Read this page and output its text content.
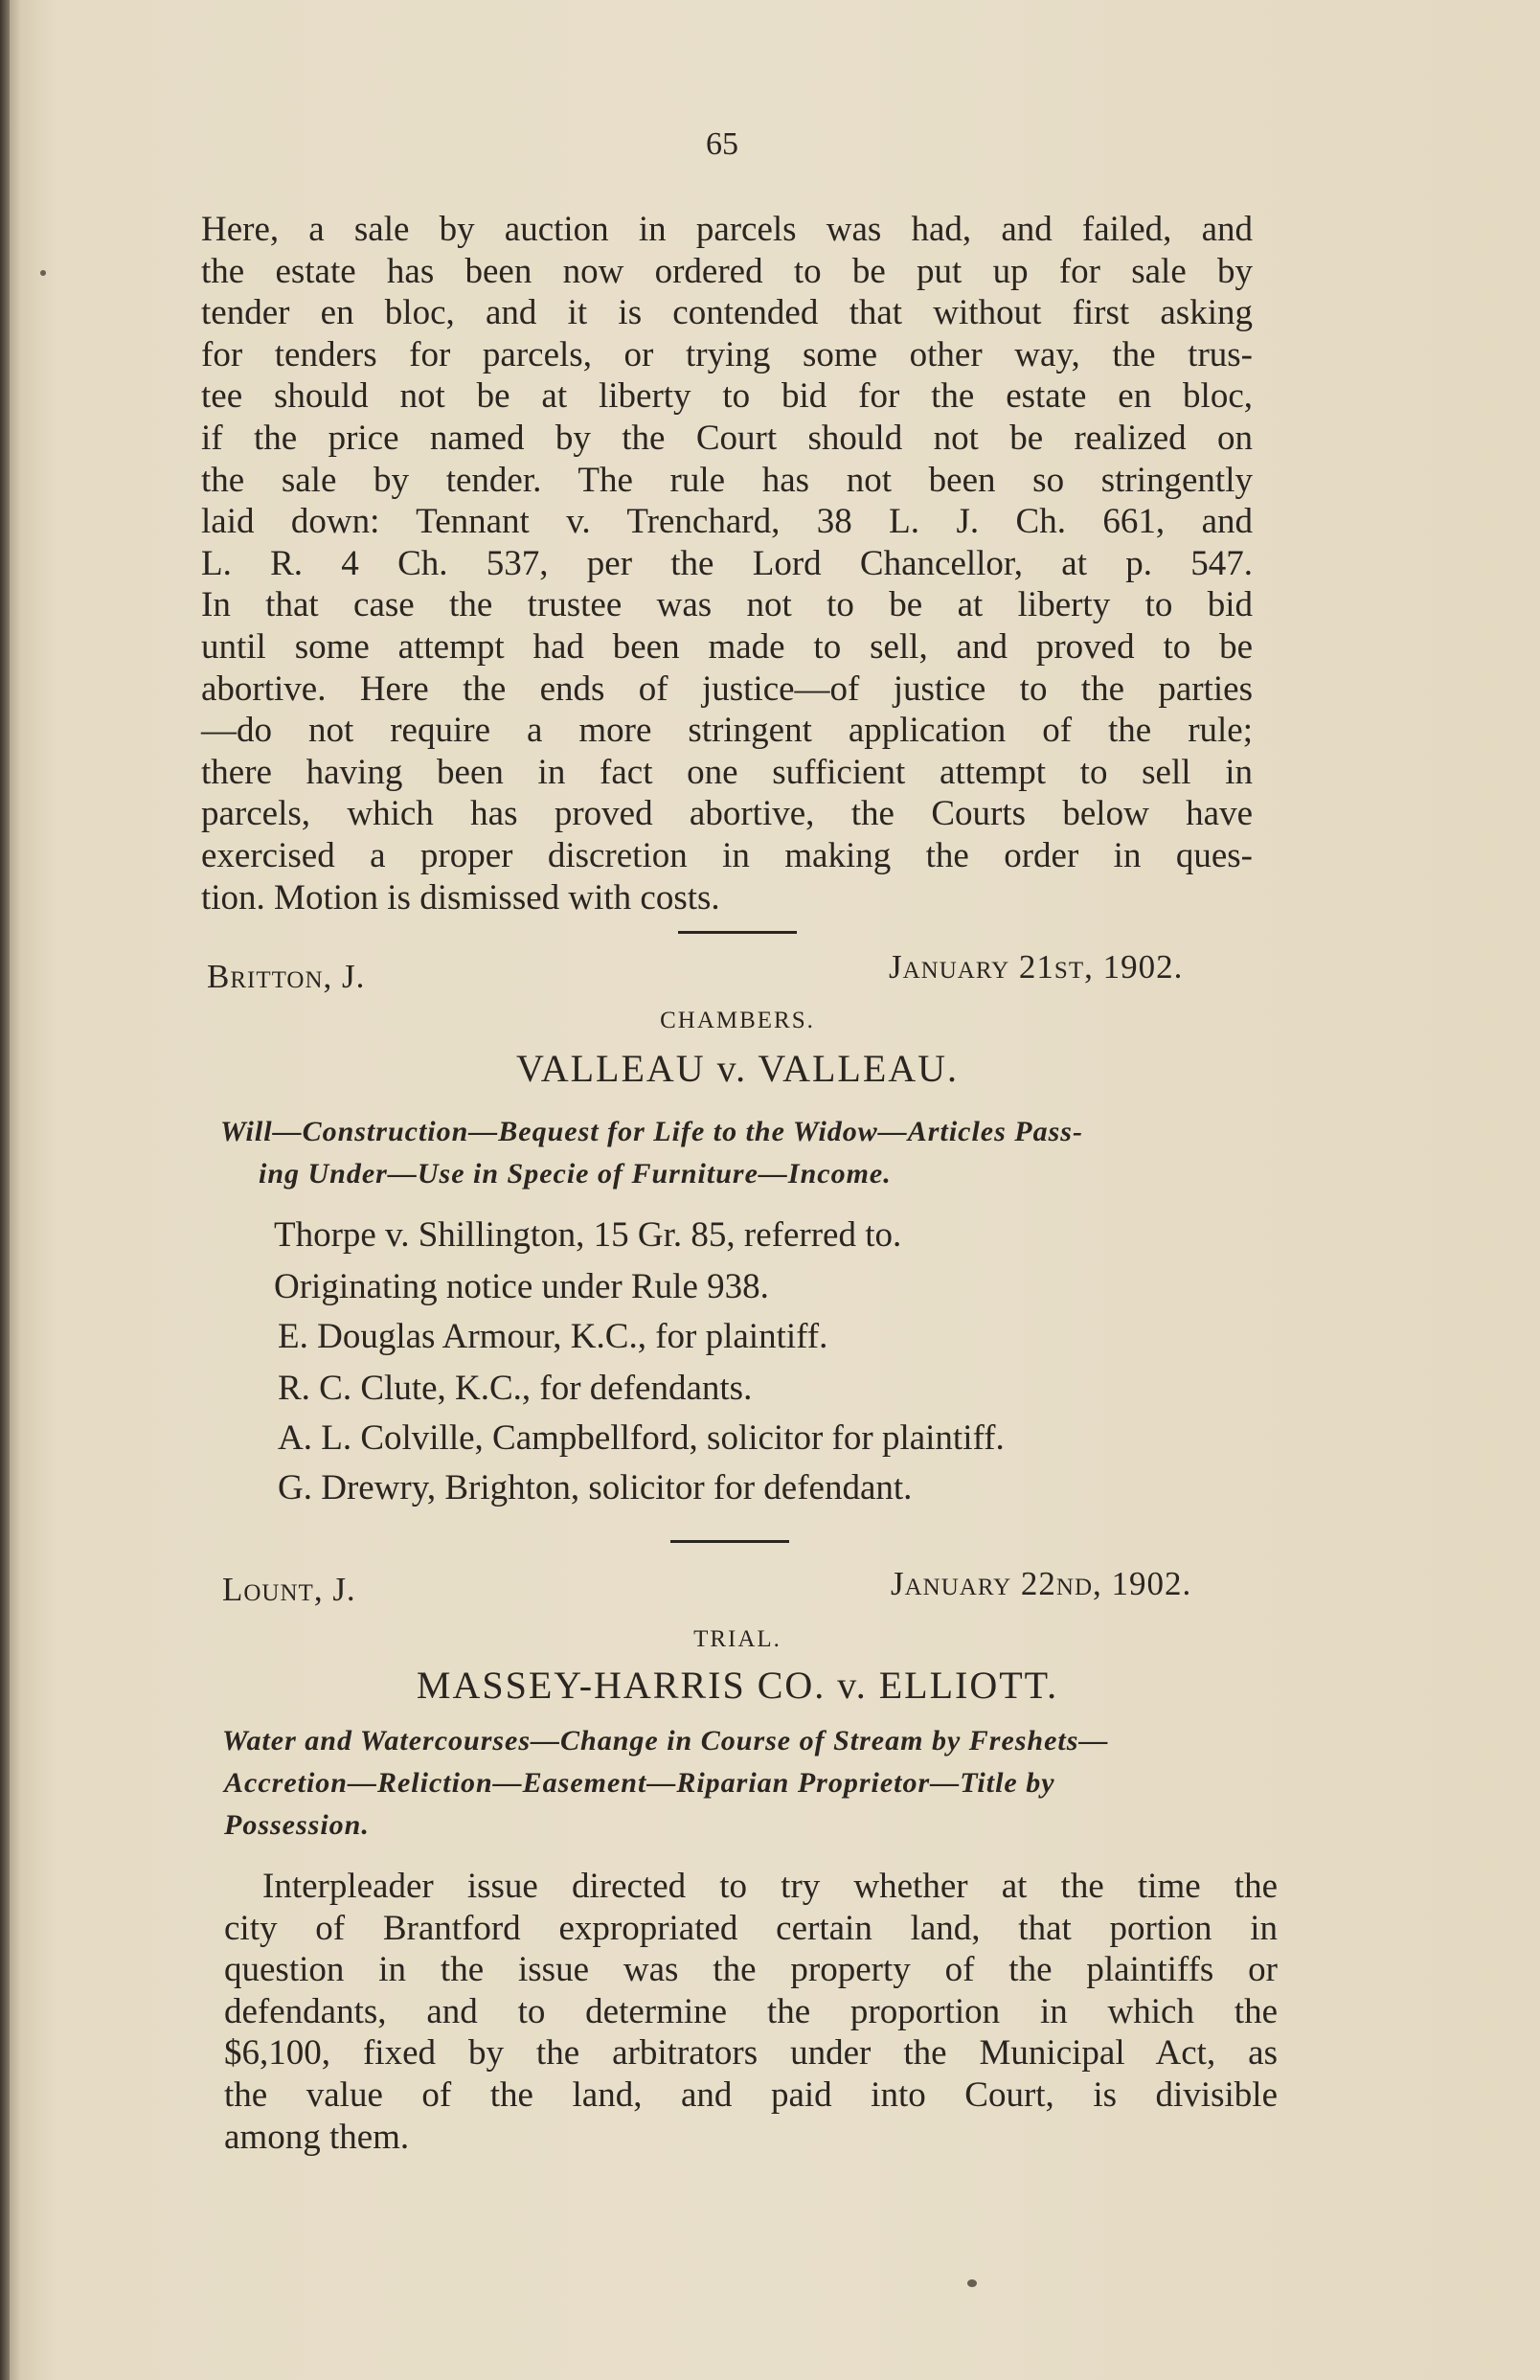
65
Here, a sale by auction in parcels was had, and failed, and
the estate has been now ordered to be put up for sale by
tender en bloc, and it is contended that without first asking
for tenders for parcels, or trying some other way, the trus-
tee should not be at liberty to bid for the estate en bloc,
if the price named by the Court should not be realized on
the sale by tender. The rule has not been so stringently
laid down: Tennant v. Trenchard, 38 L. J. Ch. 661, and
L. R. 4 Ch. 537, per the Lord Chancellor, at p. 547.
In that case the trustee was not to be at liberty to bid
until some attempt had been made to sell, and proved to be
abortive. Here the ends of justice—of justice to the parties
—do not require a more stringent application of the rule;
there having been in fact one sufficient attempt to sell in
parcels, which has proved abortive, the Courts below have
exercised a proper discretion in making the order in ques-
tion. Motion is dismissed with costs.
Britton, J.	January 21st, 1902.
CHAMBERS.
VALLEAU v. VALLEAU.
Will—Construction—Bequest for Life to the Widow—Articles Pass-
ing Under—Use in Specie of Furniture—Income.
Thorpe v. Shillington, 15 Gr. 85, referred to.
Originating notice under Rule 938.
E. Douglas Armour, K.C., for plaintiff.
R. C. Clute, K.C., for defendants.
A. L. Colville, Campbellford, solicitor for plaintiff.
G. Drewry, Brighton, solicitor for defendant.
Lount, J.	January 22nd, 1902.
TRIAL.
MASSEY-HARRIS CO. v. ELLIOTT.
Water and Watercourses—Change in Course of Stream by Freshets—
Accretion—Reliction—Easement—Riparian Proprietor—Title by
Possession.
Interpleader issue directed to try whether at the time the
city of Brantford expropriated certain land, that portion in
question in the issue was the property of the plaintiffs or
defendants, and to determine the proportion in which the
$6,100, fixed by the arbitrators under the Municipal Act, as
the value of the land, and paid into Court, is divisible
among them.
